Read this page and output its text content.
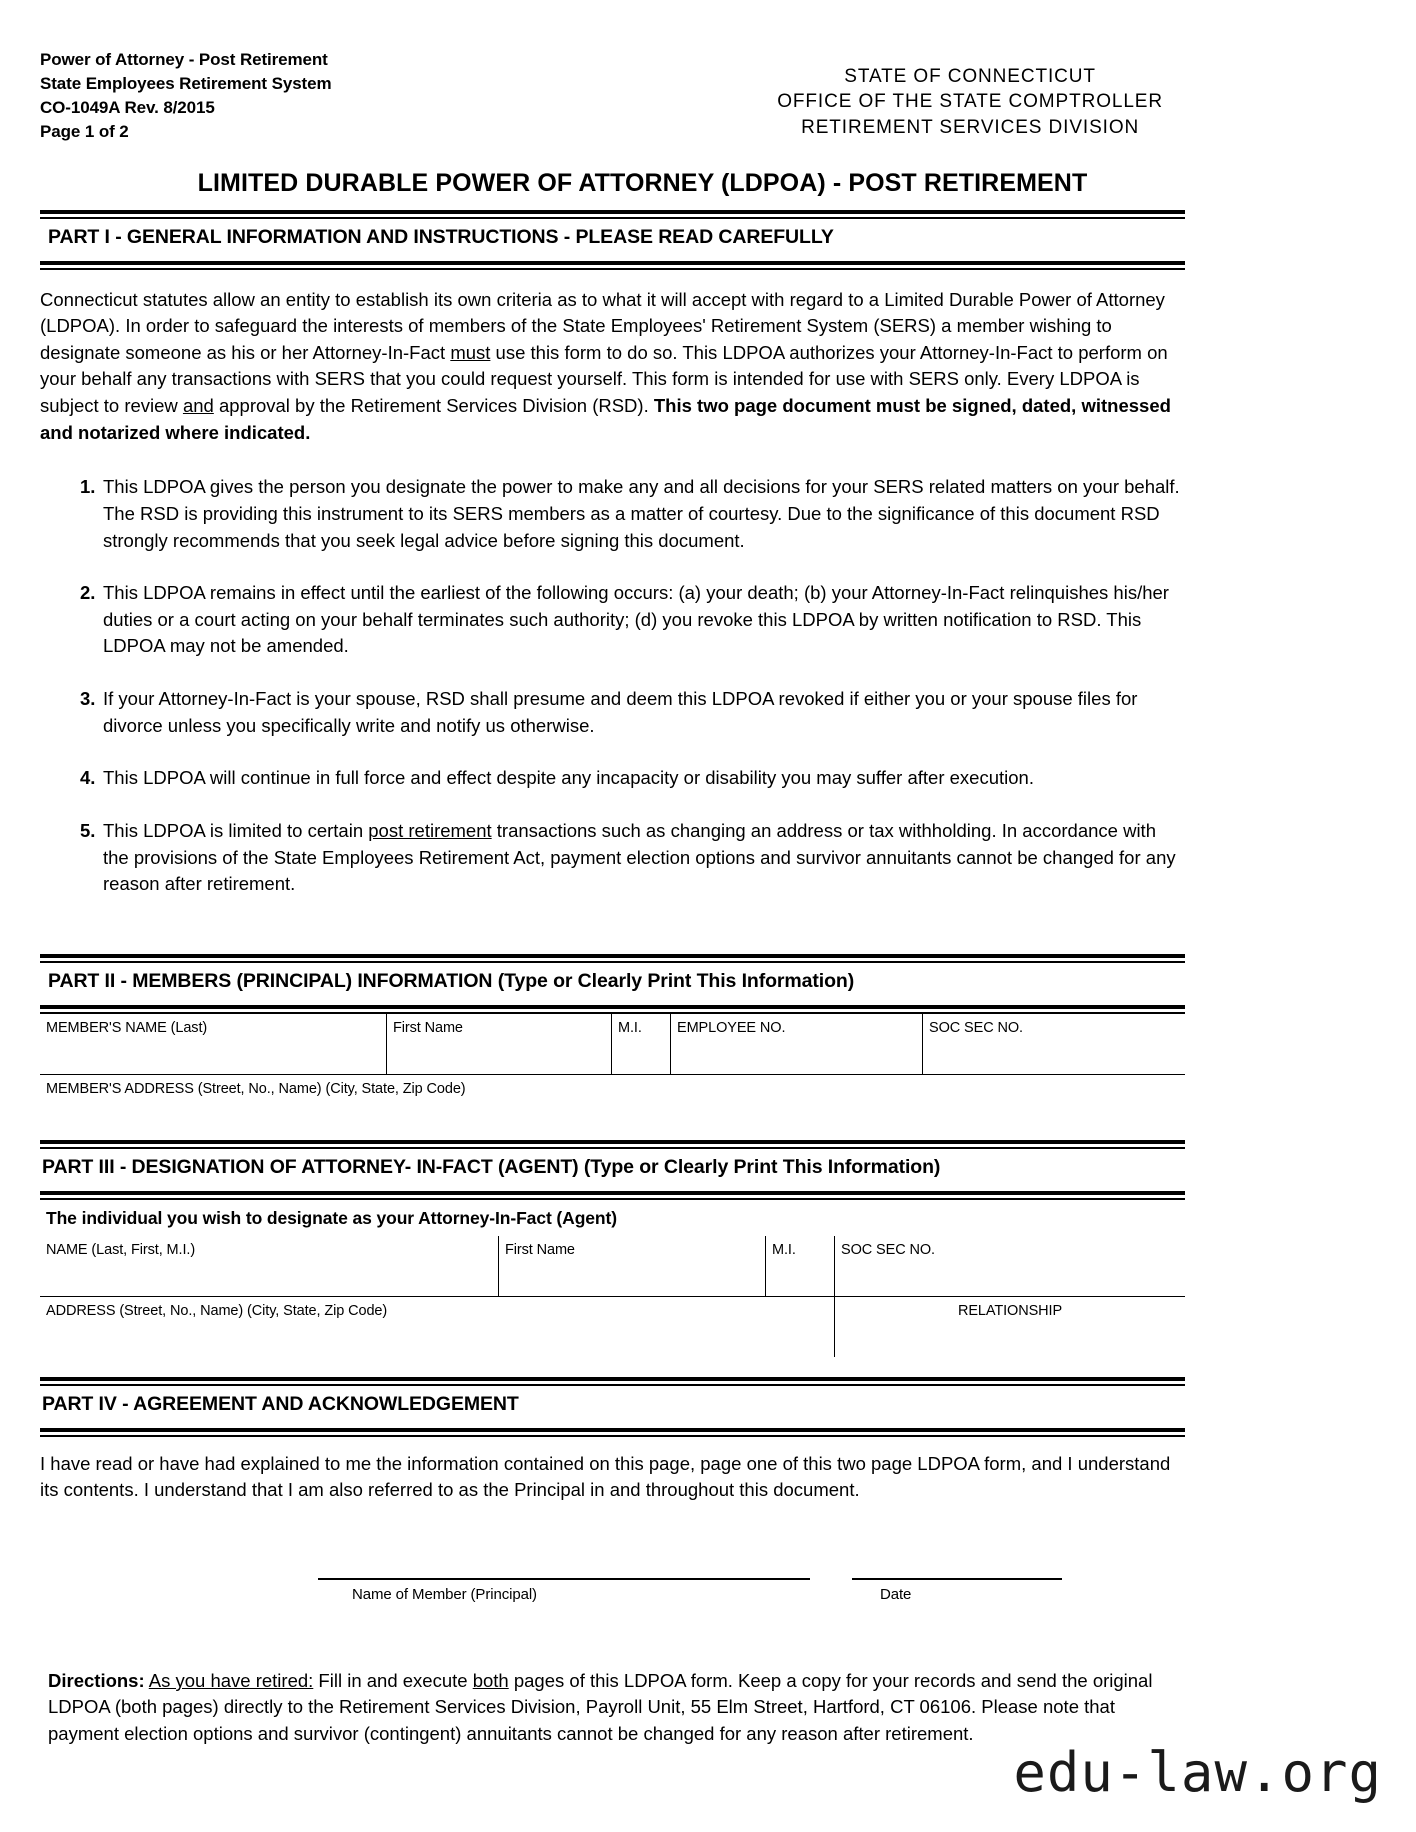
Power of Attorney - Post Retirement
State Employees Retirement System
CO-1049A Rev. 8/2015
Page 1 of 2
STATE OF CONNECTICUT
OFFICE OF THE STATE COMPTROLLER
RETIREMENT SERVICES DIVISION
LIMITED DURABLE POWER OF ATTORNEY (LDPOA) - POST RETIREMENT
PART I - GENERAL INFORMATION AND INSTRUCTIONS - PLEASE READ CAREFULLY

Connecticut statutes allow an entity to establish its own criteria as to what it will accept with regard to a Limited Durable Power of Attorney (LDPOA). In order to safeguard the interests of members of the State Employees' Retirement System (SERS) a member wishing to designate someone as his or her Attorney-In-Fact must use this form to do so. This LDPOA authorizes your Attorney-In-Fact to perform on your behalf any transactions with SERS that you could request yourself. This form is intended for use with SERS only. Every LDPOA is subject to review and approval by the Retirement Services Division (RSD). This two page document must be signed, dated, witnessed and notarized where indicated.

This LDPOA gives the person you designate the power to make any and all decisions for your SERS related matters on your behalf. The RSD is providing this instrument to its SERS members as a matter of courtesy. Due to the significance of this document RSD strongly recommends that you seek legal advice before signing this document.
This LDPOA remains in effect until the earliest of the following occurs: (a) your death; (b) your Attorney-In-Fact relinquishes his/her duties or a court acting on your behalf terminates such authority; (d) you revoke this LDPOA by written notification to RSD. This LDPOA may not be amended.
If your Attorney-In-Fact is your spouse, RSD shall presume and deem this LDPOA revoked if either you or your spouse files for divorce unless you specifically write and notify us otherwise.
This LDPOA will continue in full force and effect despite any incapacity or disability you may suffer after execution.
This LDPOA is limited to certain post retirement transactions such as changing an address or tax withholding. In accordance with the provisions of the State Employees Retirement Act, payment election options and survivor annuitants cannot be changed for any reason after retirement.
PART II - MEMBERS (PRINCIPAL) INFORMATION (Type or Clearly Print This Information)
MEMBER'S NAME (Last)	First Name	M.I.	EMPLOYEE NO.	SOC SEC NO.
MEMBER'S ADDRESS (Street, No., Name) (City, State, Zip Code)
PART III - DESIGNATION OF ATTORNEY- IN-FACT (AGENT) (Type or Clearly Print This Information)
The individual you wish to designate as your Attorney-In-Fact (Agent)
NAME (Last, First, M.I.)	First Name	M.I.	SOC SEC NO.

ADDRESS (Street, No., Name) (City, State, Zip Code)			RELATIONSHIP
PART IV - AGREEMENT AND ACKNOWLEDGEMENT

I have read or have had explained to me the information contained on this page, page one of this two page LDPOA form, and I understand its contents. I understand that I am also referred to as the Principal in and throughout this document.

Name of Member (Principal)	Date

Directions: As you have retired: Fill in and execute both pages of this LDPOA form. Keep a copy for your records and send the original LDPOA (both pages) directly to the Retirement Services Division, Payroll Unit, 55 Elm Street, Hartford, CT 06106. Please note that payment election options and survivor (contingent) annuitants cannot be changed for any reason after retirement.

edu-law.org
